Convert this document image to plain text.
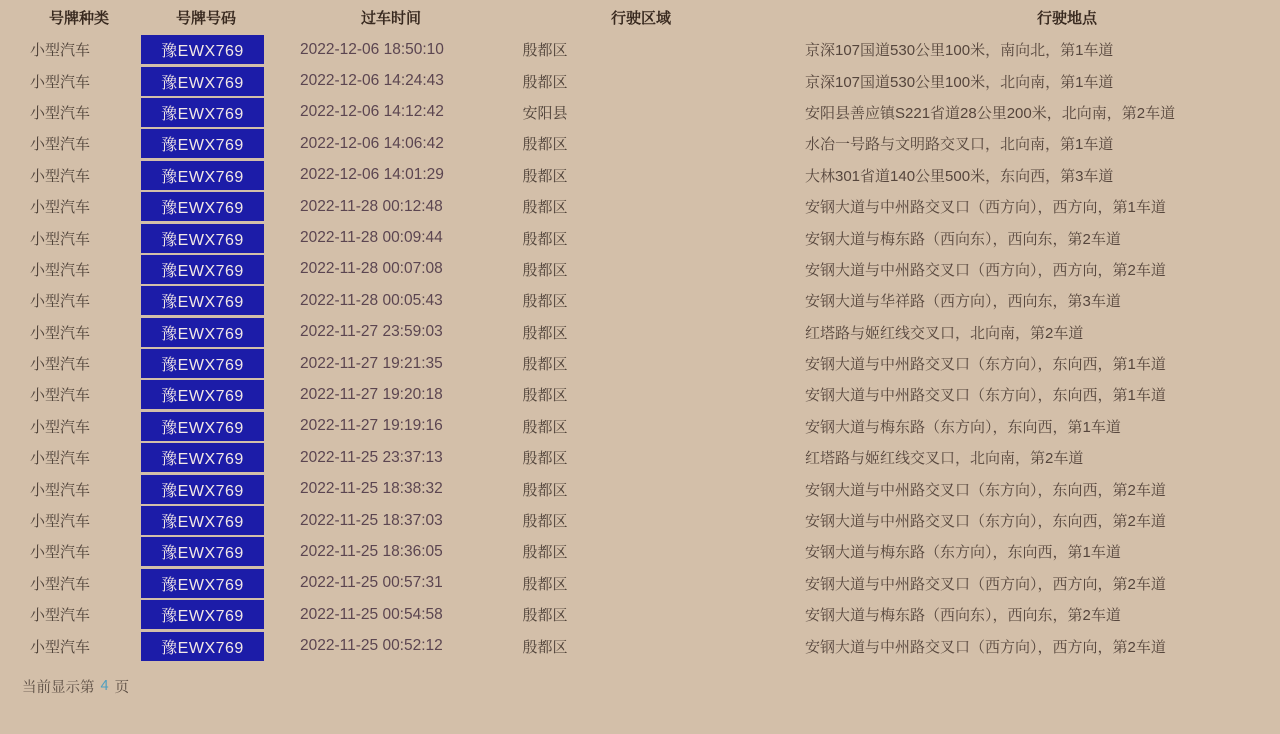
号牌种类	号牌号码	过车时间	行驶区域	行驶地点
小型汽车	豫EWX769	2022-12-06 18:50:10	殷都区	京深107国道530公里100米，南向北，第1车道
小型汽车	豫EWX769	2022-12-06 14:24:43	殷都区	京深107国道530公里100米，北向南，第1车道
小型汽车	豫EWX769	2022-12-06 14:12:42	安阳县	安阳县善应镇S221省道28公里200米，北向南，第2车道
小型汽车	豫EWX769	2022-12-06 14:06:42	殷都区	水冶一号路与文明路交叉口，北向南，第1车道
小型汽车	豫EWX769	2022-12-06 14:01:29	殷都区	大林301省道140公里500米，东向西，第3车道
小型汽车	豫EWX769	2022-11-28 00:12:48	殷都区	安钢大道与中州路交叉口（西方向），西方向，第1车道
小型汽车	豫EWX769	2022-11-28 00:09:44	殷都区	安钢大道与梅东路（西向东），西向东，第2车道
小型汽车	豫EWX769	2022-11-28 00:07:08	殷都区	安钢大道与中州路交叉口（西方向），西方向，第2车道
小型汽车	豫EWX769	2022-11-28 00:05:43	殷都区	安钢大道与华祥路（西方向），西向东，第3车道
小型汽车	豫EWX769	2022-11-27 23:59:03	殷都区	红塔路与姬红线交叉口，北向南，第2车道
小型汽车	豫EWX769	2022-11-27 19:21:35	殷都区	安钢大道与中州路交叉口（东方向），东向西，第1车道
小型汽车	豫EWX769	2022-11-27 19:20:18	殷都区	安钢大道与中州路交叉口（东方向），东向西，第1车道
小型汽车	豫EWX769	2022-11-27 19:19:16	殷都区	安钢大道与梅东路（东方向），东向西，第1车道
小型汽车	豫EWX769	2022-11-25 23:37:13	殷都区	红塔路与姬红线交叉口，北向南，第2车道
小型汽车	豫EWX769	2022-11-25 18:38:32	殷都区	安钢大道与中州路交叉口（东方向），东向西，第2车道
小型汽车	豫EWX769	2022-11-25 18:37:03	殷都区	安钢大道与中州路交叉口（东方向），东向西，第2车道
小型汽车	豫EWX769	2022-11-25 18:36:05	殷都区	安钢大道与梅东路（东方向），东向西，第1车道
小型汽车	豫EWX769	2022-11-25 00:57:31	殷都区	安钢大道与中州路交叉口（西方向），西方向，第2车道
小型汽车	豫EWX769	2022-11-25 00:54:58	殷都区	安钢大道与梅东路（西向东），西向东，第2车道
小型汽车	豫EWX769	2022-11-25 00:52:12	殷都区	安钢大道与中州路交叉口（西方向），西方向，第2车道
当前显示第 4 页
